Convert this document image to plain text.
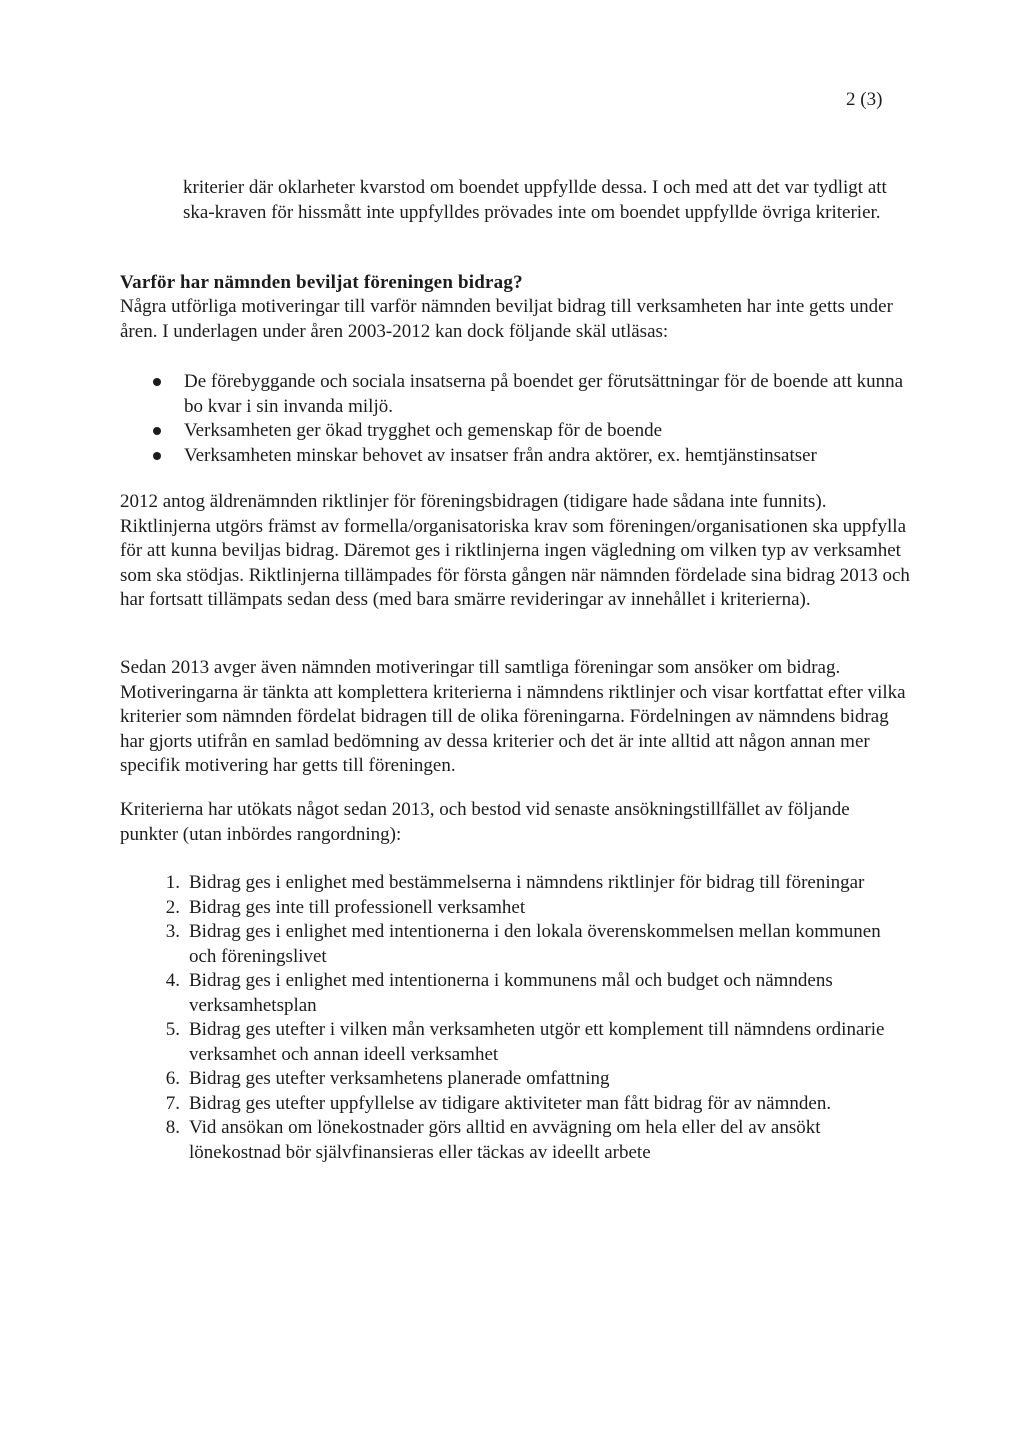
2 (3)

kriterier där oklarheter kvarstod om boendet uppfyllde dessa. I och med att det var tydligt att ska-kraven för hissmått inte uppfylldes prövades inte om boendet uppfyllde övriga kriterier.

Varför har nämnden beviljat föreningen bidrag?

Några utförliga motiveringar till varför nämnden beviljat bidrag till verksamheten har inte getts under åren. I underlagen under åren 2003-2012 kan dock följande skäl utläsas:

De förebyggande och sociala insatserna på boendet ger förutsättningar för de boende att kunna bo kvar i sin invanda miljö.
Verksamheten ger ökad trygghet och gemenskap för de boende
Verksamheten minskar behovet av insatser från andra aktörer, ex. hemtjänstinsatser

2012 antog äldrenämnden riktlinjer för föreningsbidragen (tidigare hade sådana inte funnits). Riktlinjerna utgörs främst av formella/organisatoriska krav som föreningen/organisationen ska uppfylla för att kunna beviljas bidrag. Däremot ges i riktlinjerna ingen vägledning om vilken typ av verksamhet som ska stödjas. Riktlinjerna tillämpades för första gången när nämnden fördelade sina bidrag 2013 och har fortsatt tillämpats sedan dess (med bara smärre revideringar av innehållet i kriterierna).

Sedan 2013 avger även nämnden motiveringar till samtliga föreningar som ansöker om bidrag. Motiveringarna är tänkta att komplettera kriterierna i nämndens riktlinjer och visar kortfattat efter vilka kriterier som nämnden fördelat bidragen till de olika föreningarna. Fördelningen av nämndens bidrag har gjorts utifrån en samlad bedömning av dessa kriterier och det är inte alltid att någon annan mer specifik motivering har getts till föreningen.

Kriterierna har utökats något sedan 2013, och bestod vid senaste ansökningstillfället av följande punkter (utan inbördes rangordning):

1. Bidrag ges i enlighet med bestämmelserna i nämndens riktlinjer för bidrag till föreningar
2. Bidrag ges inte till professionell verksamhet
3. Bidrag ges i enlighet med intentionerna i den lokala överenskommelsen mellan kommunen och föreningslivet
4. Bidrag ges i enlighet med intentionerna i kommunens mål och budget och nämndens verksamhetsplan
5. Bidrag ges utefter i vilken mån verksamheten utgör ett komplement till nämndens ordinarie verksamhet och annan ideell verksamhet
6. Bidrag ges utefter verksamhetens planerade omfattning
7. Bidrag ges utefter uppfyllelse av tidigare aktiviteter man fått bidrag för av nämnden.
8. Vid ansökan om lönekostnader görs alltid en avvägning om hela eller del av ansökt lönekostnad bör självfinansieras eller täckas av ideellt arbete
